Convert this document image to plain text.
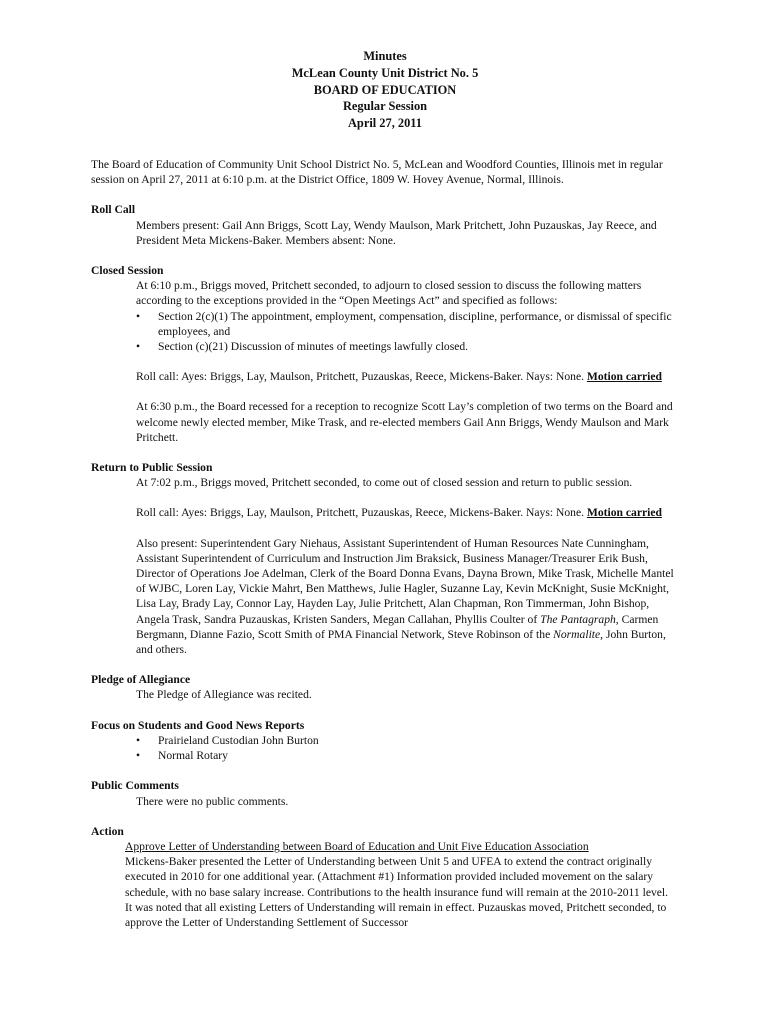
Minutes
McLean County Unit District No. 5
BOARD OF EDUCATION
Regular Session
April 27, 2011

The Board of Education of Community Unit School District No. 5, McLean and Woodford Counties, Illinois met in regular session on April 27, 2011 at 6:10 p.m. at the District Office, 1809 W. Hovey Avenue, Normal, Illinois.

Roll Call

Members present: Gail Ann Briggs, Scott Lay, Wendy Maulson, Mark Pritchett, John Puzauskas, Jay Reece, and President Meta Mickens-Baker. Members absent: None.

Closed Session

At 6:10 p.m., Briggs moved, Pritchett seconded, to adjourn to closed session to discuss the following matters according to the exceptions provided in the “Open Meetings Act” and specified as follows:

• Section 2(c)(1) The appointment, employment, compensation, discipline, performance, or dismissal of specific employees, and
• Section (c)(21) Discussion of minutes of meetings lawfully closed.

Roll call: Ayes: Briggs, Lay, Maulson, Pritchett, Puzauskas, Reece, Mickens-Baker. Nays: None. Motion carried

At 6:30 p.m., the Board recessed for a reception to recognize Scott Lay’s completion of two terms on the Board and welcome newly elected member, Mike Trask, and re-elected members Gail Ann Briggs, Wendy Maulson and Mark Pritchett.

Return to Public Session

At 7:02 p.m., Briggs moved, Pritchett seconded, to come out of closed session and return to public session.

Roll call: Ayes: Briggs, Lay, Maulson, Pritchett, Puzauskas, Reece, Mickens-Baker. Nays: None. Motion carried

Also present: Superintendent Gary Niehaus, Assistant Superintendent of Human Resources Nate Cunningham, Assistant Superintendent of Curriculum and Instruction Jim Braksick, Business Manager/Treasurer Erik Bush, Director of Operations Joe Adelman, Clerk of the Board Donna Evans, Dayna Brown, Mike Trask, Michelle Mantel of WJBC, Loren Lay, Vickie Mahrt, Ben Matthews, Julie Hagler, Suzanne Lay, Kevin McKnight, Susie McKnight, Lisa Lay, Brady Lay, Connor Lay, Hayden Lay, Julie Pritchett, Alan Chapman, Ron Timmerman, John Bishop, Angela Trask, Sandra Puzauskas, Kristen Sanders, Megan Callahan, Phyllis Coulter of The Pantagraph, Carmen Bergmann, Dianne Fazio, Scott Smith of PMA Financial Network, Steve Robinson of the Normalite, John Burton, and others.

Pledge of Allegiance

The Pledge of Allegiance was recited.

Focus on Students and Good News Reports

• Prairieland Custodian John Burton
• Normal Rotary

Public Comments

There were no public comments.

Action

Approve Letter of Understanding between Board of Education and Unit Five Education Association

Mickens-Baker presented the Letter of Understanding between Unit 5 and UFEA to extend the contract originally executed in 2010 for one additional year. (Attachment #1) Information provided included movement on the salary schedule, with no base salary increase. Contributions to the health insurance fund will remain at the 2010-2011 level. It was noted that all existing Letters of Understanding will remain in effect. Puzauskas moved, Pritchett seconded, to approve the Letter of Understanding Settlement of Successor
